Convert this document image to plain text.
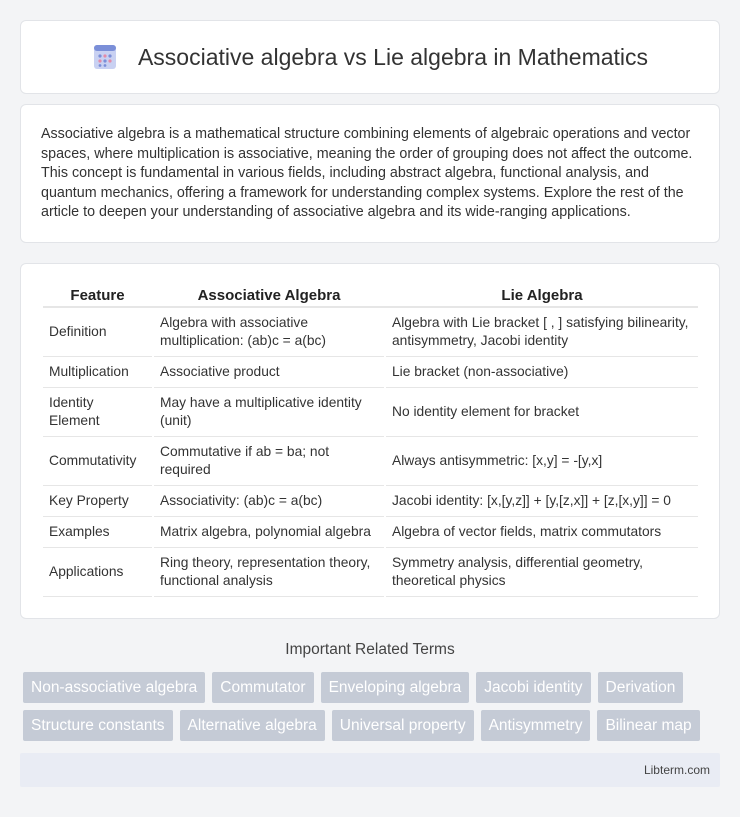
Associative algebra vs Lie algebra in Mathematics

Associative algebra is a mathematical structure combining elements of algebraic operations and vector spaces, where multiplication is associative, meaning the order of grouping does not affect the outcome. This concept is fundamental in various fields, including abstract algebra, functional analysis, and quantum mechanics, offering a framework for understanding complex systems. Explore the rest of the article to deepen your understanding of associative algebra and its wide-ranging applications.

Feature	Associative Algebra	Lie Algebra
Definition	Algebra with associative multiplication: (ab)c = a(bc)	Algebra with Lie bracket [ , ] satisfying bilinearity, antisymmetry, Jacobi identity
Multiplication	Associative product	Lie bracket (non-associative)
Identity Element	May have a multiplicative identity (unit)	No identity element for bracket
Commutativity	Commutative if ab = ba; not required	Always antisymmetric: [x,y] = -[y,x]
Key Property	Associativity: (ab)c = a(bc)	Jacobi identity: [x,[y,z]] + [y,[z,x]] + [z,[x,y]] = 0
Examples	Matrix algebra, polynomial algebra	Algebra of vector fields, matrix commutators
Applications	Ring theory, representation theory, functional analysis	Symmetry analysis, differential geometry, theoretical physics
Important Related Terms
Non-associative algebra	Commutator	Enveloping algebra	Jacobi identity	Derivation
Structure constants	Alternative algebra	Universal property	Antisymmetry	Bilinear map
Libterm.com
